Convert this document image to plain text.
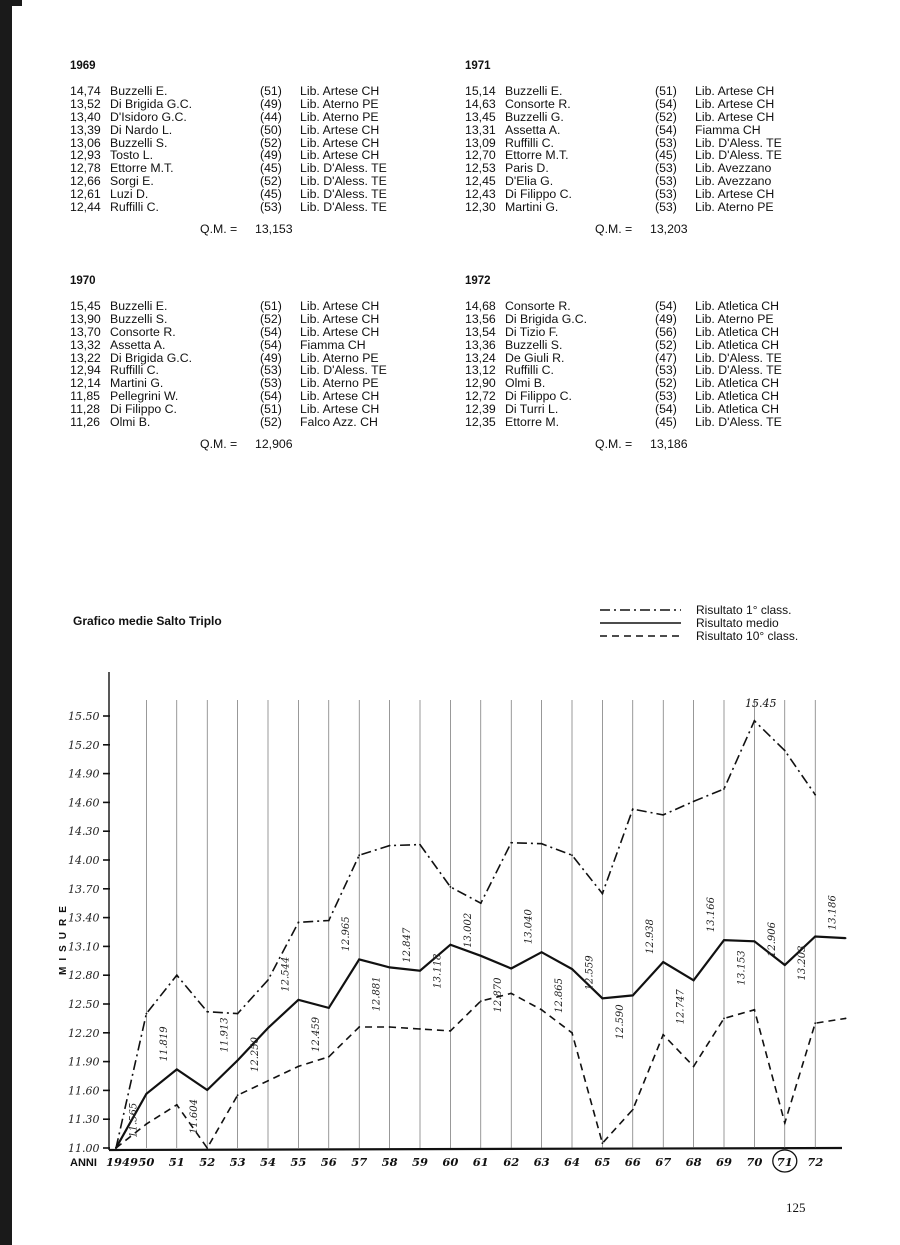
1969
14,74 Buzzelli E.	(51) Lib. Artese CH
13,52 Di Brigida G.C.	(49) Lib. Aterno PE
13,40 D'Isidoro G.C.	(44) Lib. Aterno PE
13,39 Di Nardo L.	(50) Lib. Artese CH
13,06 Buzzelli S.	(52) Lib. Artese CH
12,93 Tosto L.	(49) Lib. Artese CH
12,78 Ettorre M.T.	(45) Lib. D'Aless. TE
12,66 Sorgi E.	(52) Lib. D'Aless. TE
12,61 Luzi D.	(45) Lib. D'Aless. TE
12,44 Ruffilli C.	(53) Lib. D'Aless. TE
Q.M. = 13,153
1971
15,14 Buzzelli E.	(51) Lib. Artese CH
14,63 Consorte R.	(54) Lib. Artese CH
13,45 Buzzelli G.	(52) Lib. Artese CH
13,31 Assetta A.	(54) Fiamma CH
13,09 Ruffilli C.	(53) Lib. D'Aless. TE
12,70 Ettorre M.T.	(45) Lib. D'Aless. TE
12,53 Paris D.	(53) Lib. Avezzano
12,45 D'Elia G.	(53) Lib. Avezzano
12,43 Di Filippo C.	(53) Lib. Artese CH
12,30 Martini G.	(53) Lib. Aterno PE
Q.M. = 13,203
1970
15,45 Buzzelli E.	(51) Lib. Artese CH
13,90 Buzzelli S.	(52) Lib. Artese CH
13,70 Consorte R.	(54) Lib. Artese CH
13,32 Assetta A.	(54) Fiamma CH
13,22 Di Brigida G.C.	(49) Lib. Aterno PE
12,94 Ruffilli C.	(53) Lib. D'Aless. TE
12,14 Martini G.	(53) Lib. Aterno PE
11,85 Pellegrini W.	(54) Lib. Artese CH
11,28 Di Filippo C.	(51) Lib. Artese CH
11,26 Olmi B.	(52) Falco Azz. CH
Q.M. = 12,906
1972
14,68 Consorte R.	(54) Lib. Atletica CH
13,56 Di Brigida G.C.	(49) Lib. Aterno PE
13,54 Di Tizio F.	(56) Lib. Atletica CH
13,36 Buzzelli S.	(52) Lib. Atletica CH
13,24 De Giuli R.	(47) Lib. D'Aless. TE
13,12 Ruffilli C.	(53) Lib. D'Aless. TE
12,90 Olmi B.	(52) Lib. Atletica CH
12,72 Di Filippo C.	(53) Lib. Atletica CH
12,39 Di Turri L.	(54) Lib. Atletica CH
12,35 Ettorre M.	(45) Lib. D'Aless. TE
Q.M. = 13,186
Grafico medie Salto Triplo
15.50
15.20
14.90
14.60
14.30
14.00
13.70
13.40
13.10
12.80
12.50
12.20
11.90
11.60
11.30
11.00
MISURE
ANNI 1949 50 51 52 53 54 55 56 57 58 59 60 61 62 63 64 65 66 67 68 69 70 71 72
11.565
11.819
11.604
11.913
12.250
12.544
12.459
12.965
12.881
12.847
13.118
13.002
12.870
13.040
12.865
12.559
12.590
12.938
12.747
13.166
13.153
12.906
13.203
13.186
15.45
Risultato 1° class.
Risultato medio
Risultato 10° class.
125
